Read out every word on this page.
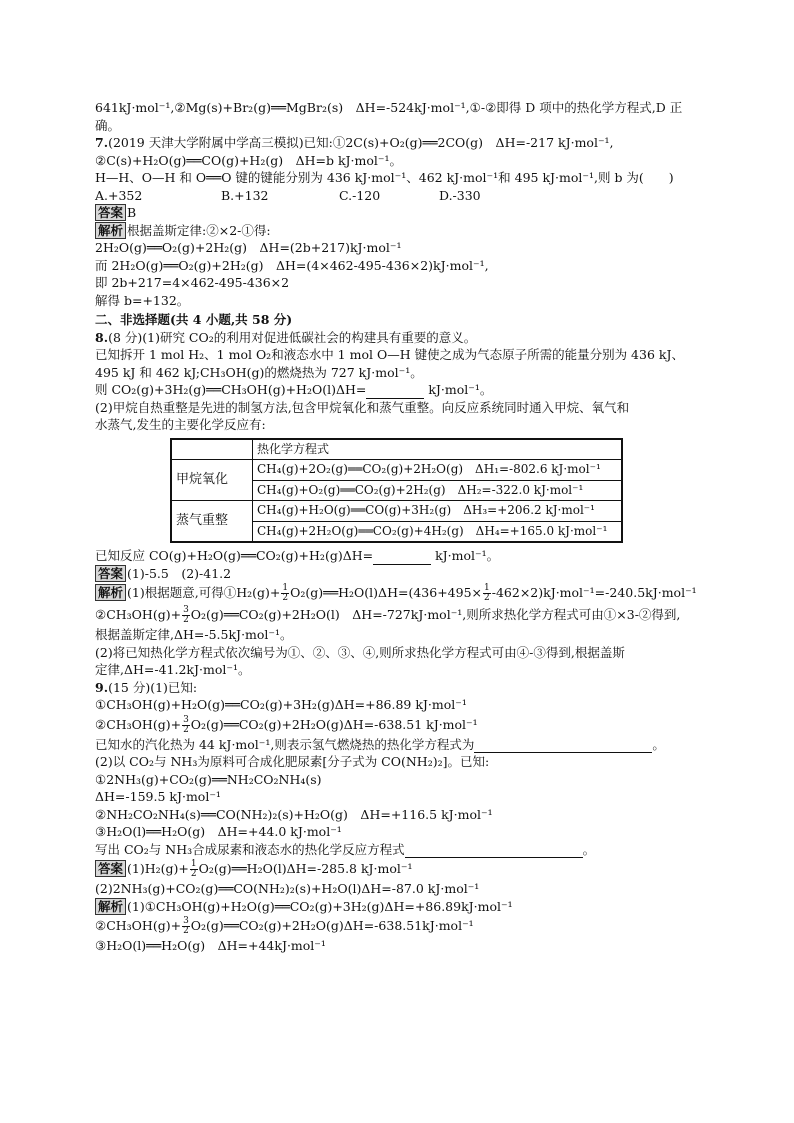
641kJ·mol⁻¹,②Mg(s)+Br₂(g)══MgBr₂(s)　ΔH=-524kJ·mol⁻¹,①-②即得 D 项中的热化学方程式,D 正
确。
7.(2019 天津大学附属中学高三模拟)已知:①2C(s)+O₂(g)══2CO(g)　ΔH=-217 kJ·mol⁻¹,
②C(s)+H₂O(g)══CO(g)+H₂(g)　ΔH=b kJ·mol⁻¹。
H—H、O—H 和 O══O 键的键能分别为 436 kJ·mol⁻¹、462 kJ·mol⁻¹和 495 kJ·mol⁻¹,则 b 为(　　)
A.+352	B.+132	C.-120	D.-330
答案 B
解析 根据盖斯定律:②×2-①得:
2H₂O(g)══O₂(g)+2H₂(g)　ΔH=(2b+217)kJ·mol⁻¹
而 2H₂O(g)══O₂(g)+2H₂(g)　ΔH=(4×462-495-436×2)kJ·mol⁻¹,
即 2b+217=4×462-495-436×2
解得 b=+132。
二、非选择题(共 4 小题,共 58 分)
8.(8 分)(1)研究 CO₂的利用对促进低碳社会的构建具有重要的意义。
已知拆开 1 mol H₂、1 mol O₂和液态水中 1 mol O—H 键使之成为气态原子所需的能量分别为 436 kJ、
495 kJ 和 462 kJ;CH₃OH(g)的燃烧热为 727 kJ·mol⁻¹。
则 CO₂(g)+3H₂(g)══CH₃OH(g)+H₂O(l)ΔH=	kJ·mol⁻¹。
(2)甲烷自热重整是先进的制氢方法,包含甲烷氧化和蒸气重整。向反应系统同时通入甲烷、氧气和
水蒸气,发生的主要化学反应有:
	热化学方程式
甲烷氧化	CH₄(g)+2O₂(g)══CO₂(g)+2H₂O(g)　ΔH₁=-802.6 kJ·mol⁻¹
	CH₄(g)+O₂(g)══CO₂(g)+2H₂(g)　ΔH₂=-322.0 kJ·mol⁻¹
蒸气重整	CH₄(g)+H₂O(g)══CO(g)+3H₂(g)　ΔH₃=+206.2 kJ·mol⁻¹
	CH₄(g)+2H₂O(g)══CO₂(g)+4H₂(g)　ΔH₄=+165.0 kJ·mol⁻¹
已知反应 CO(g)+H₂O(g)══CO₂(g)+H₂(g)ΔH=	kJ·mol⁻¹。
答案 (1)-5.5　(2)-41.2
解析 (1)根据题意,可得①H₂(g)+ $\frac{1}{2}$ O₂(g)══H₂O(l)ΔH=(436+495× $\frac{1}{2} -462\times 2)kJ\cdot mol^{-1}=-240.5kJ\cdot mol^{-1}$
②CH₃OH(g)+ $\frac{3}{2}$ O₂(g)══CO₂(g)+2H₂O(l)　ΔH=-727kJ·mol⁻¹,则所求热化学方程式可由①×3-②得到,
根据盖斯定律,ΔH=-5.5kJ·mol⁻¹。
(2)将已知热化学方程式依次编号为①、②、③、④,则所求热化学方程式可由④-③得到,根据盖斯
定律,ΔH=-41.2kJ·mol⁻¹。
9.(15 分)(1)已知:
①CH₃OH(g)+H₂O(g)══CO₂(g)+3H₂(g)ΔH=+86.89 kJ·mol⁻¹
②CH₃OH(g)+ $\frac{3}{2}$ O₂(g)══CO₂(g)+2H₂O(g)ΔH=-638.51 kJ·mol⁻¹
已知水的汽化热为 44 kJ·mol⁻¹,则表示氢气燃烧热的热化学方程式为	。
(2)以 CO₂与 NH₃为原料可合成化肥尿素[分子式为 CO(NH₂)₂]。已知:
①2NH₃(g)+CO₂(g)══NH₂CO₂NH₄(s)
ΔH=-159.5 kJ·mol⁻¹
②NH₂CO₂NH₄(s)══CO(NH₂)₂(s)+H₂O(g)　ΔH=+116.5 kJ·mol⁻¹
③H₂O(l)══H₂O(g)　ΔH=+44.0 kJ·mol⁻¹
写出 CO₂与 NH₃合成尿素和液态水的热化学反应方程式	。
答案 $(1)H_2(g)+ \frac{1}{2}$ O₂(g)══H₂O(l)ΔH=-285.8 kJ·mol⁻¹
(2)2NH₃(g)+CO₂(g)══CO(NH₂)₂(s)+H₂O(l)ΔH=-87.0 kJ·mol⁻¹
解析 (1)①CH₃OH(g)+H₂O(g)══CO₂(g)+3H₂(g)ΔH=+86.89kJ·mol⁻¹
②CH₃OH(g)+ $\frac{3}{2}$ O₂(g)══CO₂(g)+2H₂O(g)ΔH=-638.51kJ·mol⁻¹
③H₂O(l)══H₂O(g)　ΔH=+44kJ·mol⁻¹
